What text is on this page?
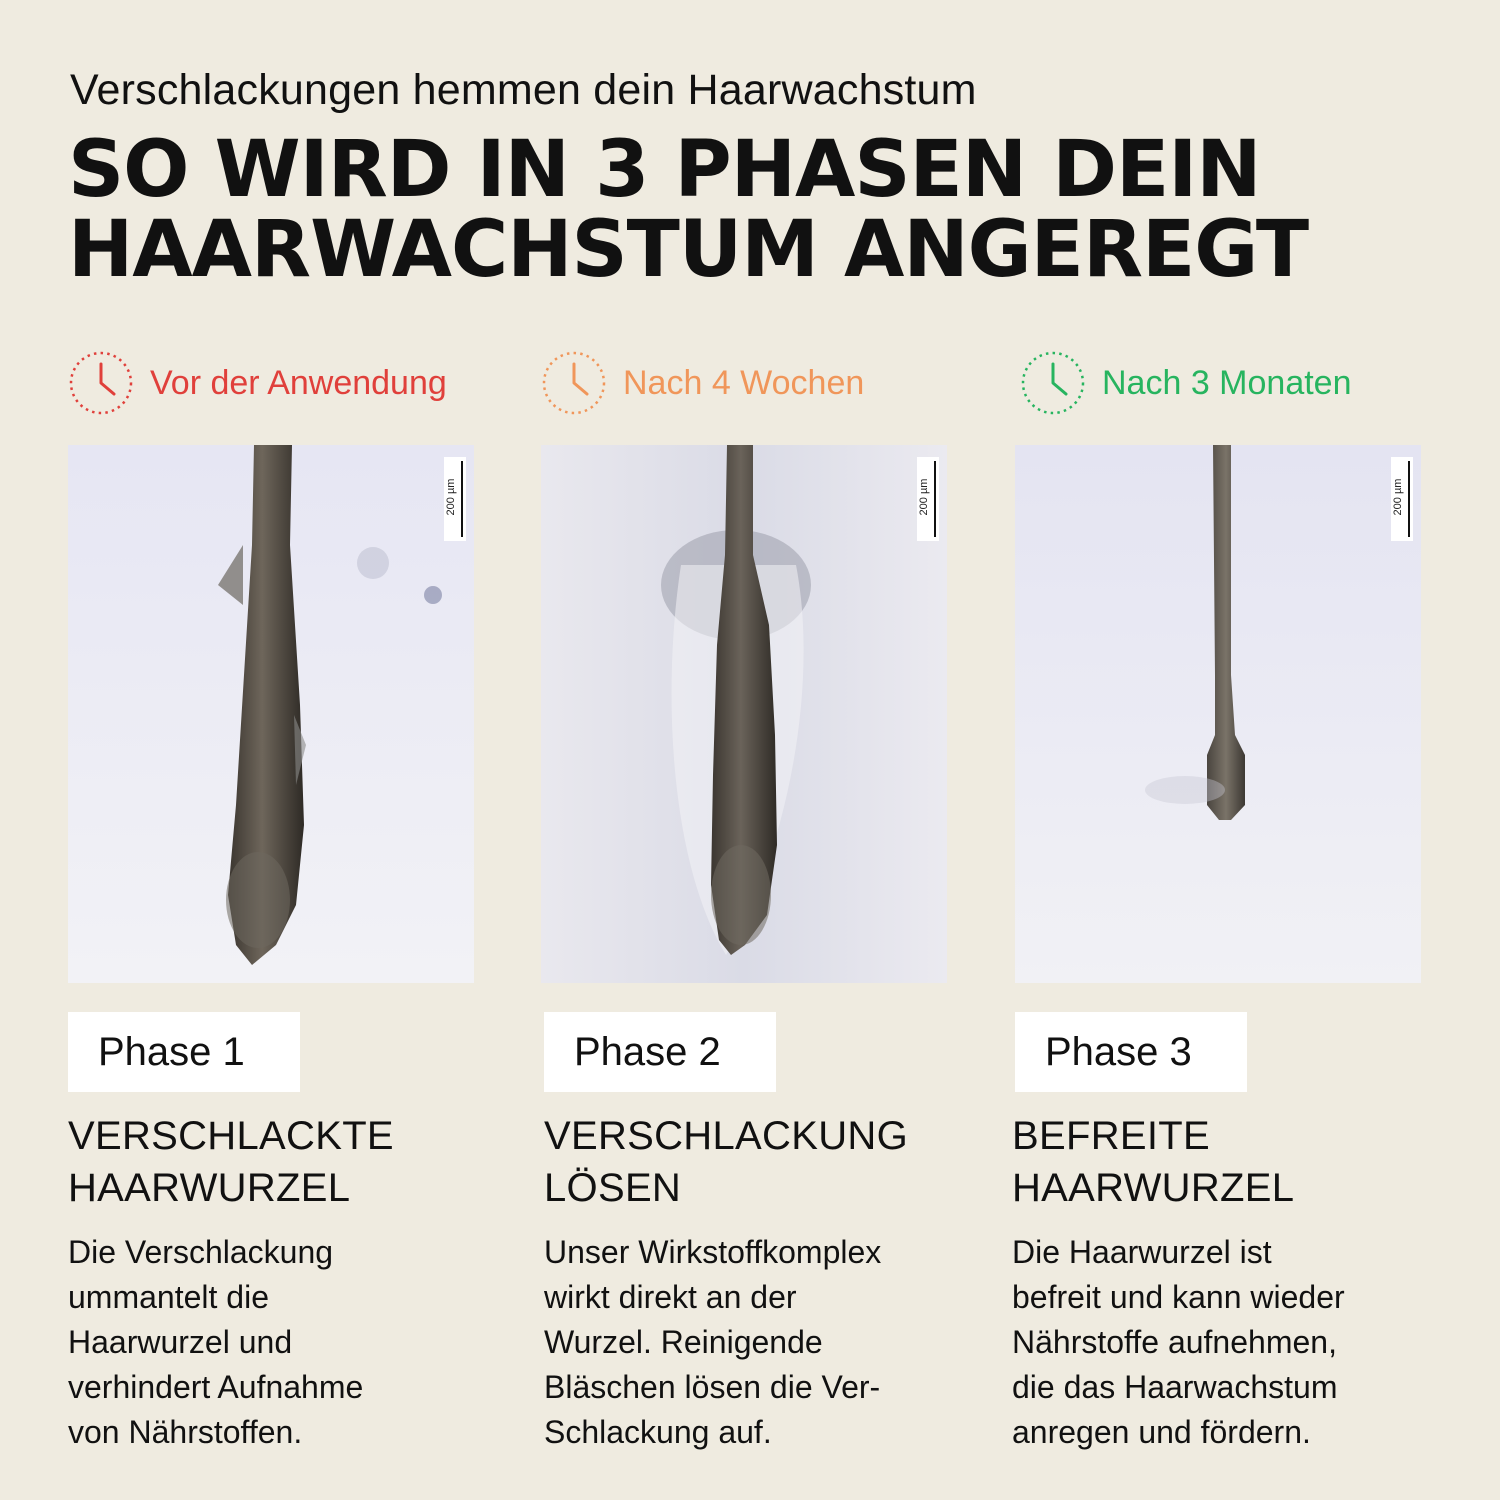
Verschlackungen hemmen dein Haarwachstum

SO WIRD IN 3 PHASEN DEIN HAARWACHSTUM ANGEREGT
Vor der Anwendung
200 µm
Phase 1
VERSCHLACKTE
HAARWURZEL

Die Verschlackung
ummantelt die
Haarwurzel und
verhindert Aufnahme
von Nährstoffen.

Nach 4 Wochen
200 µm
Phase 2
VERSCHLACKUNG
LÖSEN

Unser Wirkstoffkomplex
wirkt direkt an der
Wurzel. Reinigende
Bläschen lösen die Ver-
Schlackung auf.

Nach 3 Monaten
200 µm
Phase 3
BEFREITE
HAARWURZEL

Die Haarwurzel ist
befreit und kann wieder
Nährstoffe aufnehmen,
die das Haarwachstum
anregen und fördern.
